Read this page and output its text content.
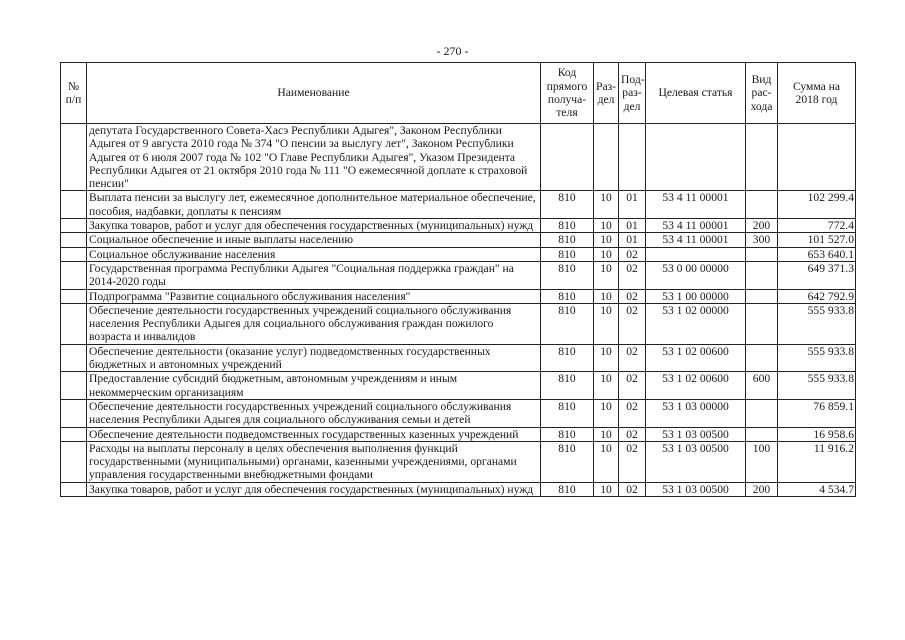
- 270 -
№ п/п	Наименование	Код прямого получа-теля	Раз-дел	Под-раз-дел	Целевая статья	Вид рас-хода	Сумма на 2018 год
	депутата Государственного Совета-Хасэ Республики Адыгея", Законом Республики Адыгея от 9 августа 2010 года № 374 "О пенсии за выслугу лет", Законом Республики Адыгея от 6 июля 2007 года № 102 "О Главе Республики Адыгея", Указом Президента Республики Адыгея от 21 октября 2010 года № 111 "О ежемесячной доплате к страховой пенсии"						
	Выплата пенсии за выслугу лет, ежемесячное дополнительное материальное обеспечение, пособия, надбавки, доплаты к пенсиям	810	10	01	53 4 11 00001		102 299.4
	Закупка товаров, работ и услуг для обеспечения государственных (муниципальных) нужд	810	10	01	53 4 11 00001	200	772.4
	Социальное обеспечение и иные выплаты населению	810	10	01	53 4 11 00001	300	101 527.0
	Социальное обслуживание населения	810	10	02			653 640.1
	Государственная программа Республики Адыгея "Социальная поддержка граждан" на 2014-2020 годы	810	10	02	53 0 00 00000		649 371.3
	Подпрограмма "Развитие социального обслуживания населения"	810	10	02	53 1 00 00000		642 792.9
	Обеспечение деятельности государственных учреждений социального обслуживания населения Республики Адыгея для социального обслуживания граждан пожилого возраста и инвалидов	810	10	02	53 1 02 00000		555 933.8
	Обеспечение деятельности (оказание услуг) подведомственных государственных бюджетных и автономных учреждений	810	10	02	53 1 02 00600		555 933.8
	Предоставление субсидий бюджетным, автономным учреждениям и иным некоммерческим организациям	810	10	02	53 1 02 00600	600	555 933.8
	Обеспечение деятельности государственных учреждений социального обслуживания населения Республики Адыгея для социального обслуживания семьи и детей	810	10	02	53 1 03 00000		76 859.1
	Обеспечение деятельности подведомственных государственных казенных учреждений	810	10	02	53 1 03 00500		16 958.6
	Расходы на выплаты персоналу в целях обеспечения выполнения функций государственными (муниципальными) органами, казенными учреждениями, органами управления государственными внебюджетными фондами	810	10	02	53 1 03 00500	100	11 916.2
	Закупка товаров, работ и услуг для обеспечения государственных (муниципальных) нужд	810	10	02	53 1 03 00500	200	4 534.7
